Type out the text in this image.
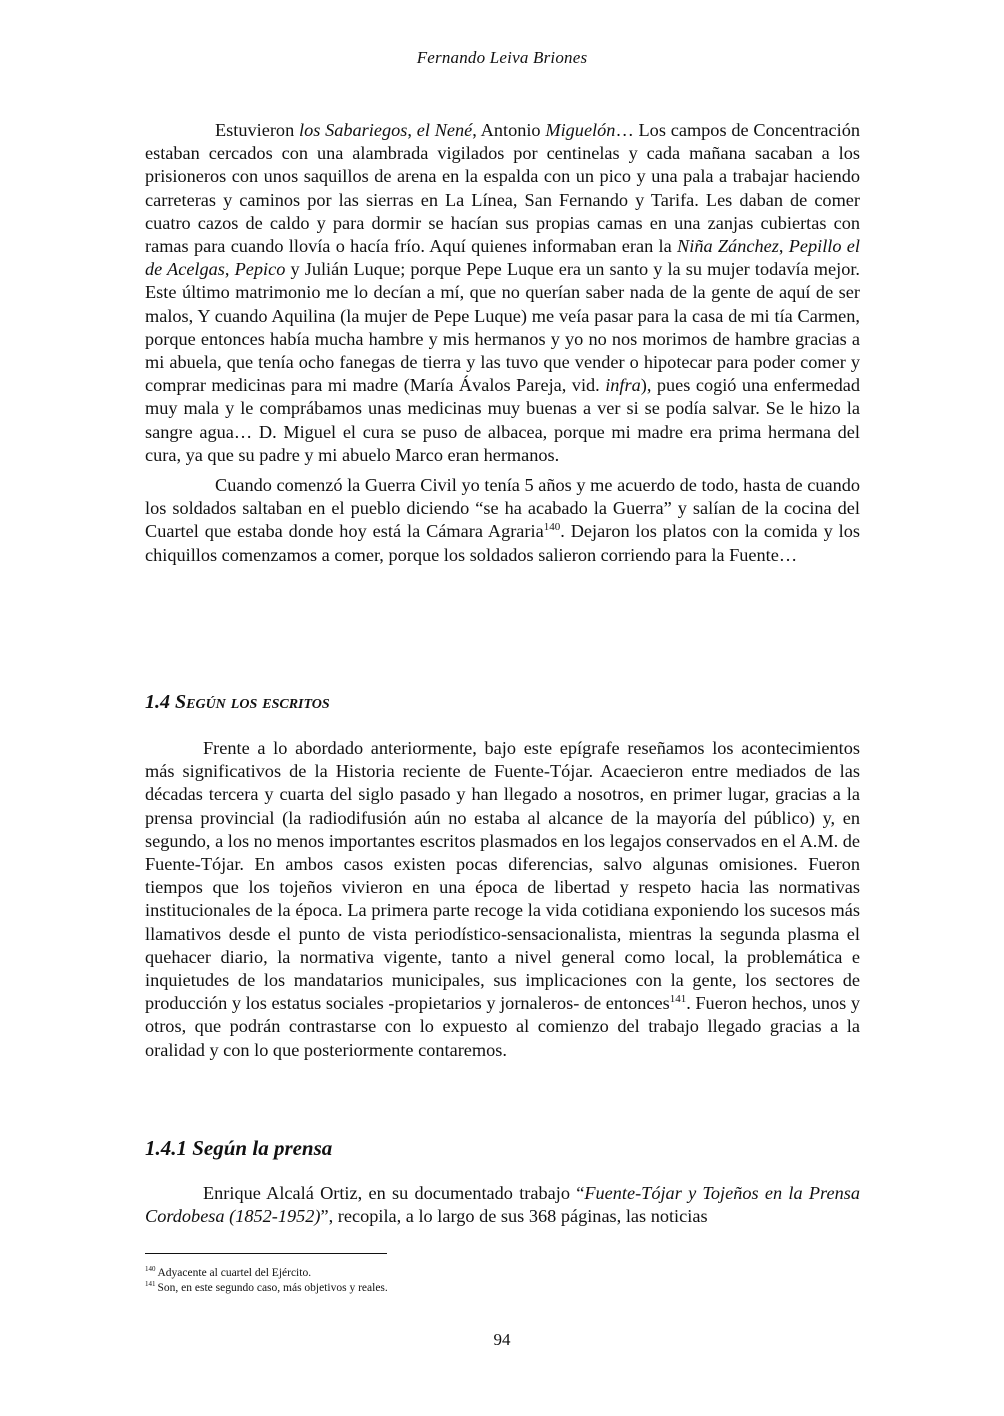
Fernando Leiva Briones

Estuvieron los Sabariegos, el Nené, Antonio Miguelón… Los campos de Concentración estaban cercados con una alambrada vigilados por centinelas y cada mañana sacaban a los prisioneros con unos saquillos de arena en la espalda con un pico y una pala a trabajar haciendo carreteras y caminos por las sierras en La Línea, San Fernando y Tarifa. Les daban de comer cuatro cazos de caldo y para dormir se hacían sus propias camas en una zanjas cubiertas con ramas para cuando llovía o hacía frío. Aquí quienes informaban eran la Niña Zánchez, Pepillo el de Acelgas, Pepico y Julián Luque; porque Pepe Luque era un santo y la su mujer todavía mejor. Este último matrimonio me lo decían a mí, que no querían saber nada de la gente de aquí de ser malos, Y cuando Aquilina (la mujer de Pepe Luque) me veía pasar para la casa de mi tía Carmen, porque entonces había mucha hambre y mis hermanos y yo no nos morimos de hambre gracias a mi abuela, que tenía ocho fanegas de tierra y las tuvo que vender o hipotecar para poder comer y comprar medicinas para mi madre (María Ávalos Pareja, vid. infra), pues cogió una enfermedad muy mala y le comprábamos unas medicinas muy buenas a ver si se podía salvar. Se le hizo la sangre agua… D. Miguel el cura se puso de albacea, porque mi madre era prima hermana del cura, ya que su padre y mi abuelo Marco eran hermanos.

Cuando comenzó la Guerra Civil yo tenía 5 años y me acuerdo de todo, hasta de cuando los soldados saltaban en el pueblo diciendo “se ha acabado la Guerra” y salían de la cocina del Cuartel que estaba donde hoy está la Cámara Agraria$^{140}$. Dejaron los platos con la comida y los chiquillos comenzamos a comer, porque los soldados salieron corriendo para la Fuente…

1.4 Según los escritos

Frente a lo abordado anteriormente, bajo este epígrafe reseñamos los acontecimientos más significativos de la Historia reciente de Fuente-Tójar. Acaecieron entre mediados de las décadas tercera y cuarta del siglo pasado y han llegado a nosotros, en primer lugar, gracias a la prensa provincial (la radiodifusión aún no estaba al alcance de la mayoría del público) y, en segundo, a los no menos importantes escritos plasmados en los legajos conservados en el A.M. de Fuente-Tójar. En ambos casos existen pocas diferencias, salvo algunas omisiones. Fueron tiempos que los tojeños vivieron en una época de libertad y respeto hacia las normativas institucionales de la época. La primera parte recoge la vida cotidiana exponiendo los sucesos más llamativos desde el punto de vista periodístico-sensacionalista, mientras la segunda plasma el quehacer diario, la normativa vigente, tanto a nivel general como local, la problemática e inquietudes de los mandatarios municipales, sus implicaciones con la gente, los sectores de producción y los estatus sociales -propietarios y jornaleros- de entonces$^{141}$. Fueron hechos, unos y otros, que podrán contrastarse con lo expuesto al comienzo del trabajo llegado gracias a la oralidad y con lo que posteriormente contaremos.

1.4.1 Según la prensa

Enrique Alcalá Ortiz, en su documentado trabajo “Fuente-Tójar y Tojeños en la Prensa Cordobesa (1852-1952)”, recopila, a lo largo de sus 368 páginas, las noticias

$^{140}$ Adyacente al cuartel del Ejército.
$^{141}$ Son, en este segundo caso, más objetivos y reales.
94
